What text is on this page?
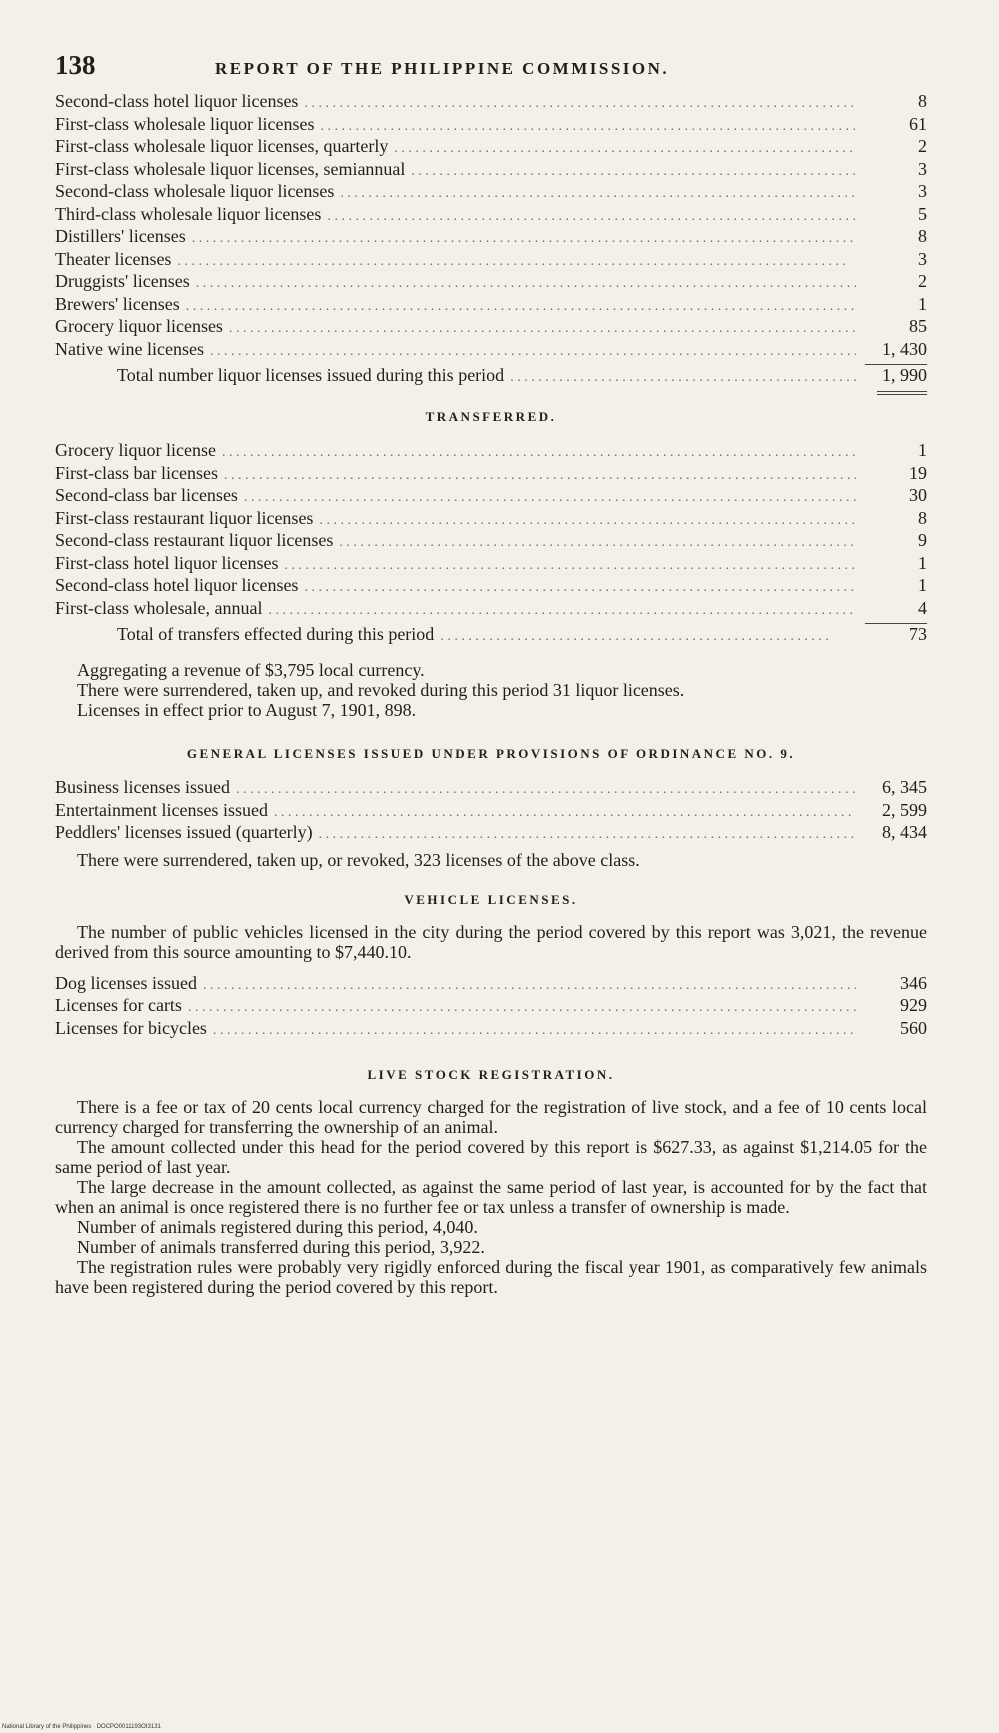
138	REPORT OF THE PHILIPPINE COMMISSION.
Second-class hotel liquor licenses . . .	8
First-class wholesale liquor licenses . . .	61
First-class wholesale liquor licenses, quarterly . . .	2
First-class wholesale liquor licenses, semiannual . . .	3
Second-class wholesale liquor licenses . . .	3
Third-class wholesale liquor licenses . . .	5
Distillers' licenses . . .	8
Theater licenses . . .	3
Druggists' licenses . . .	2
Brewers' licenses . . .	1
Grocery liquor licenses . . .	85
Native wine licenses . . .	1, 430
Total number liquor licenses issued during this period . . .	1, 990
TRANSFERRED.
Grocery liquor license . . .	1
First-class bar licenses . . .	19
Second-class bar licenses . . .	30
First-class restaurant liquor licenses . . .	8
Second-class restaurant liquor licenses . . .	9
First-class hotel liquor licenses . . .	1
Second-class hotel liquor licenses . . .	1
First-class wholesale, annual . . .	4
Total of transfers effected during this period . . .	73

Aggregating a revenue of $3,795 local currency.

There were surrendered, taken up, and revoked during this period 31 liquor licenses.

Licenses in effect prior to August 7, 1901, 898.

GENERAL LICENSES ISSUED UNDER PROVISIONS OF ORDINANCE NO. 9.
Business licenses issued . . .	6, 345
Entertainment licenses issued . . .	2, 599
Peddlers' licenses issued (quarterly) . . .	8, 434

There were surrendered, taken up, or revoked, 323 licenses of the above class.

VEHICLE LICENSES.

The number of public vehicles licensed in the city during the period covered by this report was 3,021, the revenue derived from this source amounting to $7,440.10.

Dog licenses issued . . .	346
Licenses for carts . . .	929
Licenses for bicycles . . .	560
LIVE STOCK REGISTRATION.

There is a fee or tax of 20 cents local currency charged for the registration of live stock, and a fee of 10 cents local currency charged for transferring the ownership of an animal.

The amount collected under this head for the period covered by this report is $627.33, as against $1,214.05 for the same period of last year.

The large decrease in the amount collected, as against the same period of last year, is accounted for by the fact that when an animal is once registered there is no further fee or tax unless a transfer of ownership is made.

Number of animals registered during this period, 4,040.

Number of animals transferred during this period, 3,922.

The registration rules were probably very rigidly enforced during the fiscal year 1901, as comparatively few animals have been registered during the period covered by this report.

National Library of the Philippines · DOCPO0011193OI3131
